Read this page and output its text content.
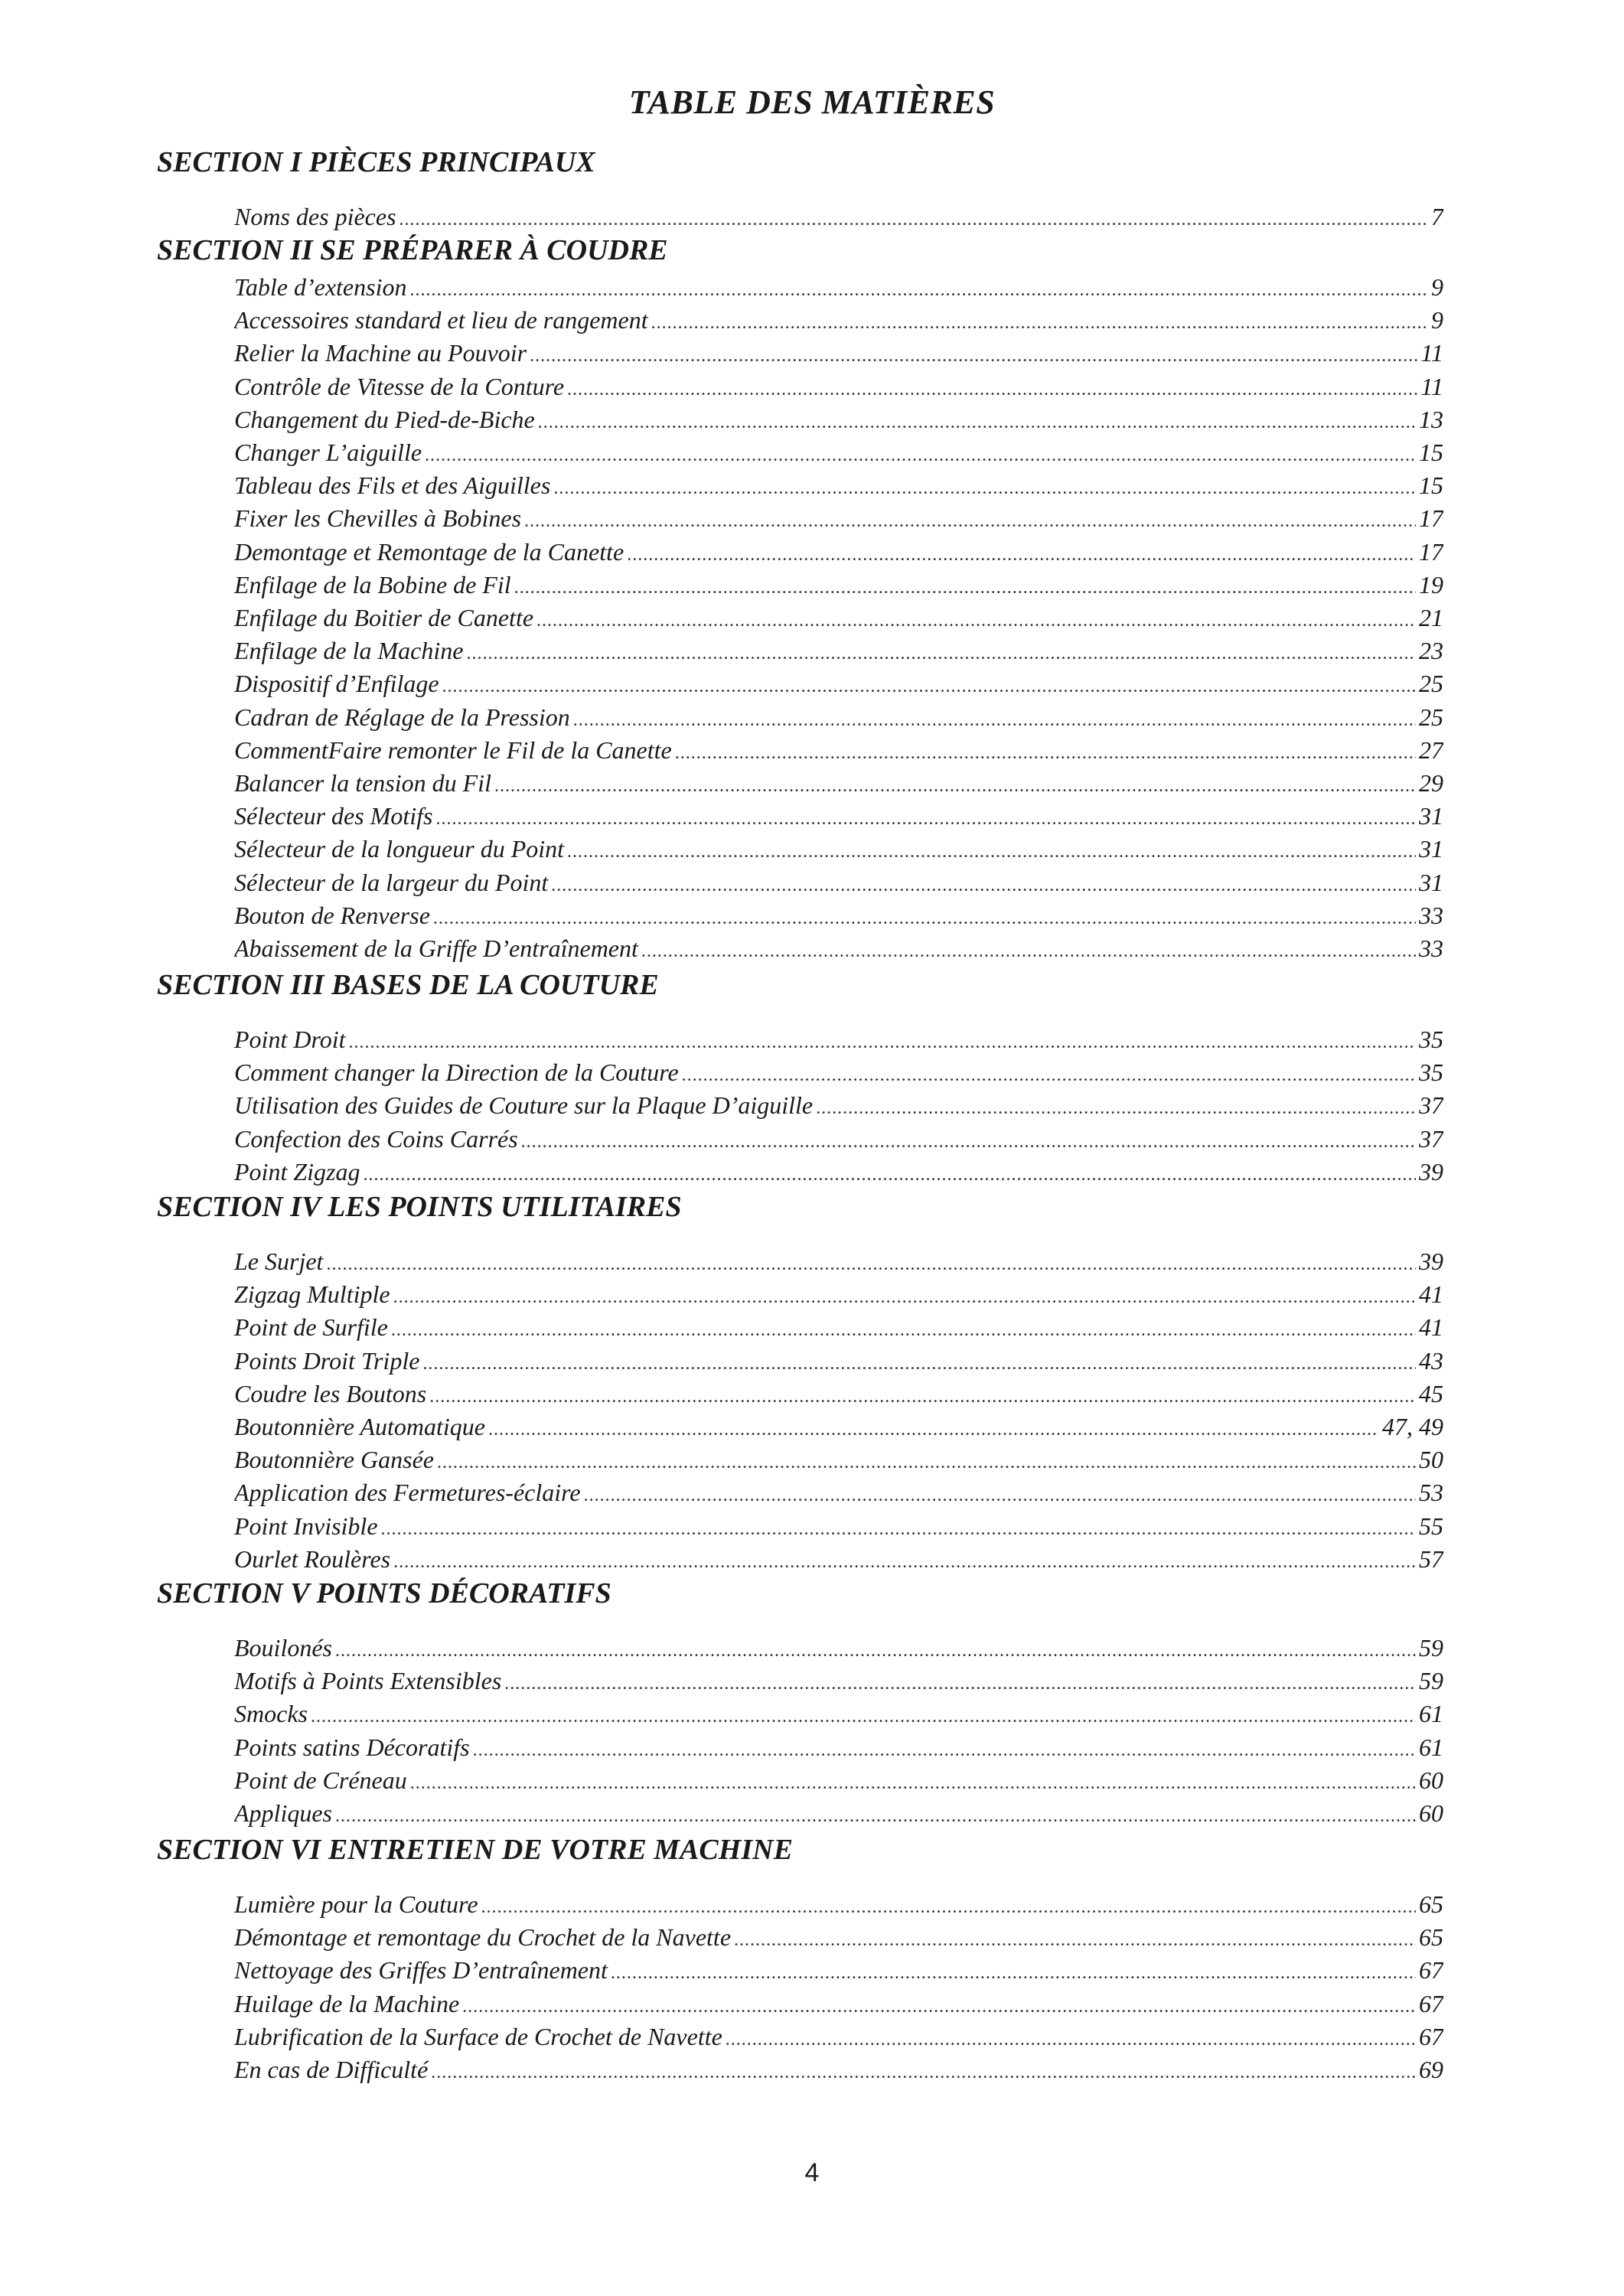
TABLE DES MATIÈRES
SECTION I PIÈCES PRINCIPAUX
Noms des pièces .....	7
SECTION II SE PRÉPARER À COUDRE
Table d’extension .....	9
Accessoires standard et lieu de rangement .....	9
Relier la Machine au Pouvoir .....	11
Contrôle de Vitesse de la Conture .....	11
Changement du Pied-de-Biche .....	13
Changer L’aiguille .....	15
Tableau des Fils et des Aiguilles .....	15
Fixer les Chevilles à Bobines .....	17
Demontage et Remontage de la Canette .....	17
Enfilage de la Bobine de Fil .....	19
Enfilage du Boitier de Canette .....	21
Enfilage de la Machine .....	23
Dispositif d’Enfilage .....	25
Cadran de Réglage de la Pression .....	25
CommentFaire remonter le Fil de la Canette .....	27
Balancer la tension du Fil .....	29
Sélecteur des Motifs .....	31
Sélecteur de la longueur du Point .....	31
Sélecteur de la largeur du Point .....	31
Bouton de Renverse .....	33
Abaissement de la Griffe D’entraînement .....	33
SECTION III BASES DE LA COUTURE
Point Droit .....	35
Comment changer la Direction de la Couture .....	35
Utilisation des Guides de Couture sur la Plaque D’aiguille .....	37
Confection des Coins Carrés .....	37
Point Zigzag .....	39
SECTION IV LES POINTS UTILITAIRES
Le Surjet .....	39
Zigzag Multiple .....	41
Point de Surfile .....	41
Points Droit Triple .....	43
Coudre les Boutons .....	45
Boutonnière Automatique .....	47, 49
Boutonnière Gansée .....	50
Application des Fermetures-éclaire .....	53
Point Invisible .....	55
Ourlet Roulères .....	57
SECTION V POINTS DÉCORATIFS
Bouilonés .....	59
Motifs à Points Extensibles .....	59
Smocks .....	61
Points satins Décoratifs .....	61
Point de Créneau .....	60
Appliques .....	60
SECTION VI ENTRETIEN DE VOTRE MACHINE
Lumière pour la Couture .....	65
Démontage et remontage du Crochet de la Navette .....	65
Nettoyage des Griffes D’entraînement .....	67
Huilage de la Machine .....	67
Lubrification de la Surface de Crochet de Navette .....	67
En cas de Difficulté .....	69
4
